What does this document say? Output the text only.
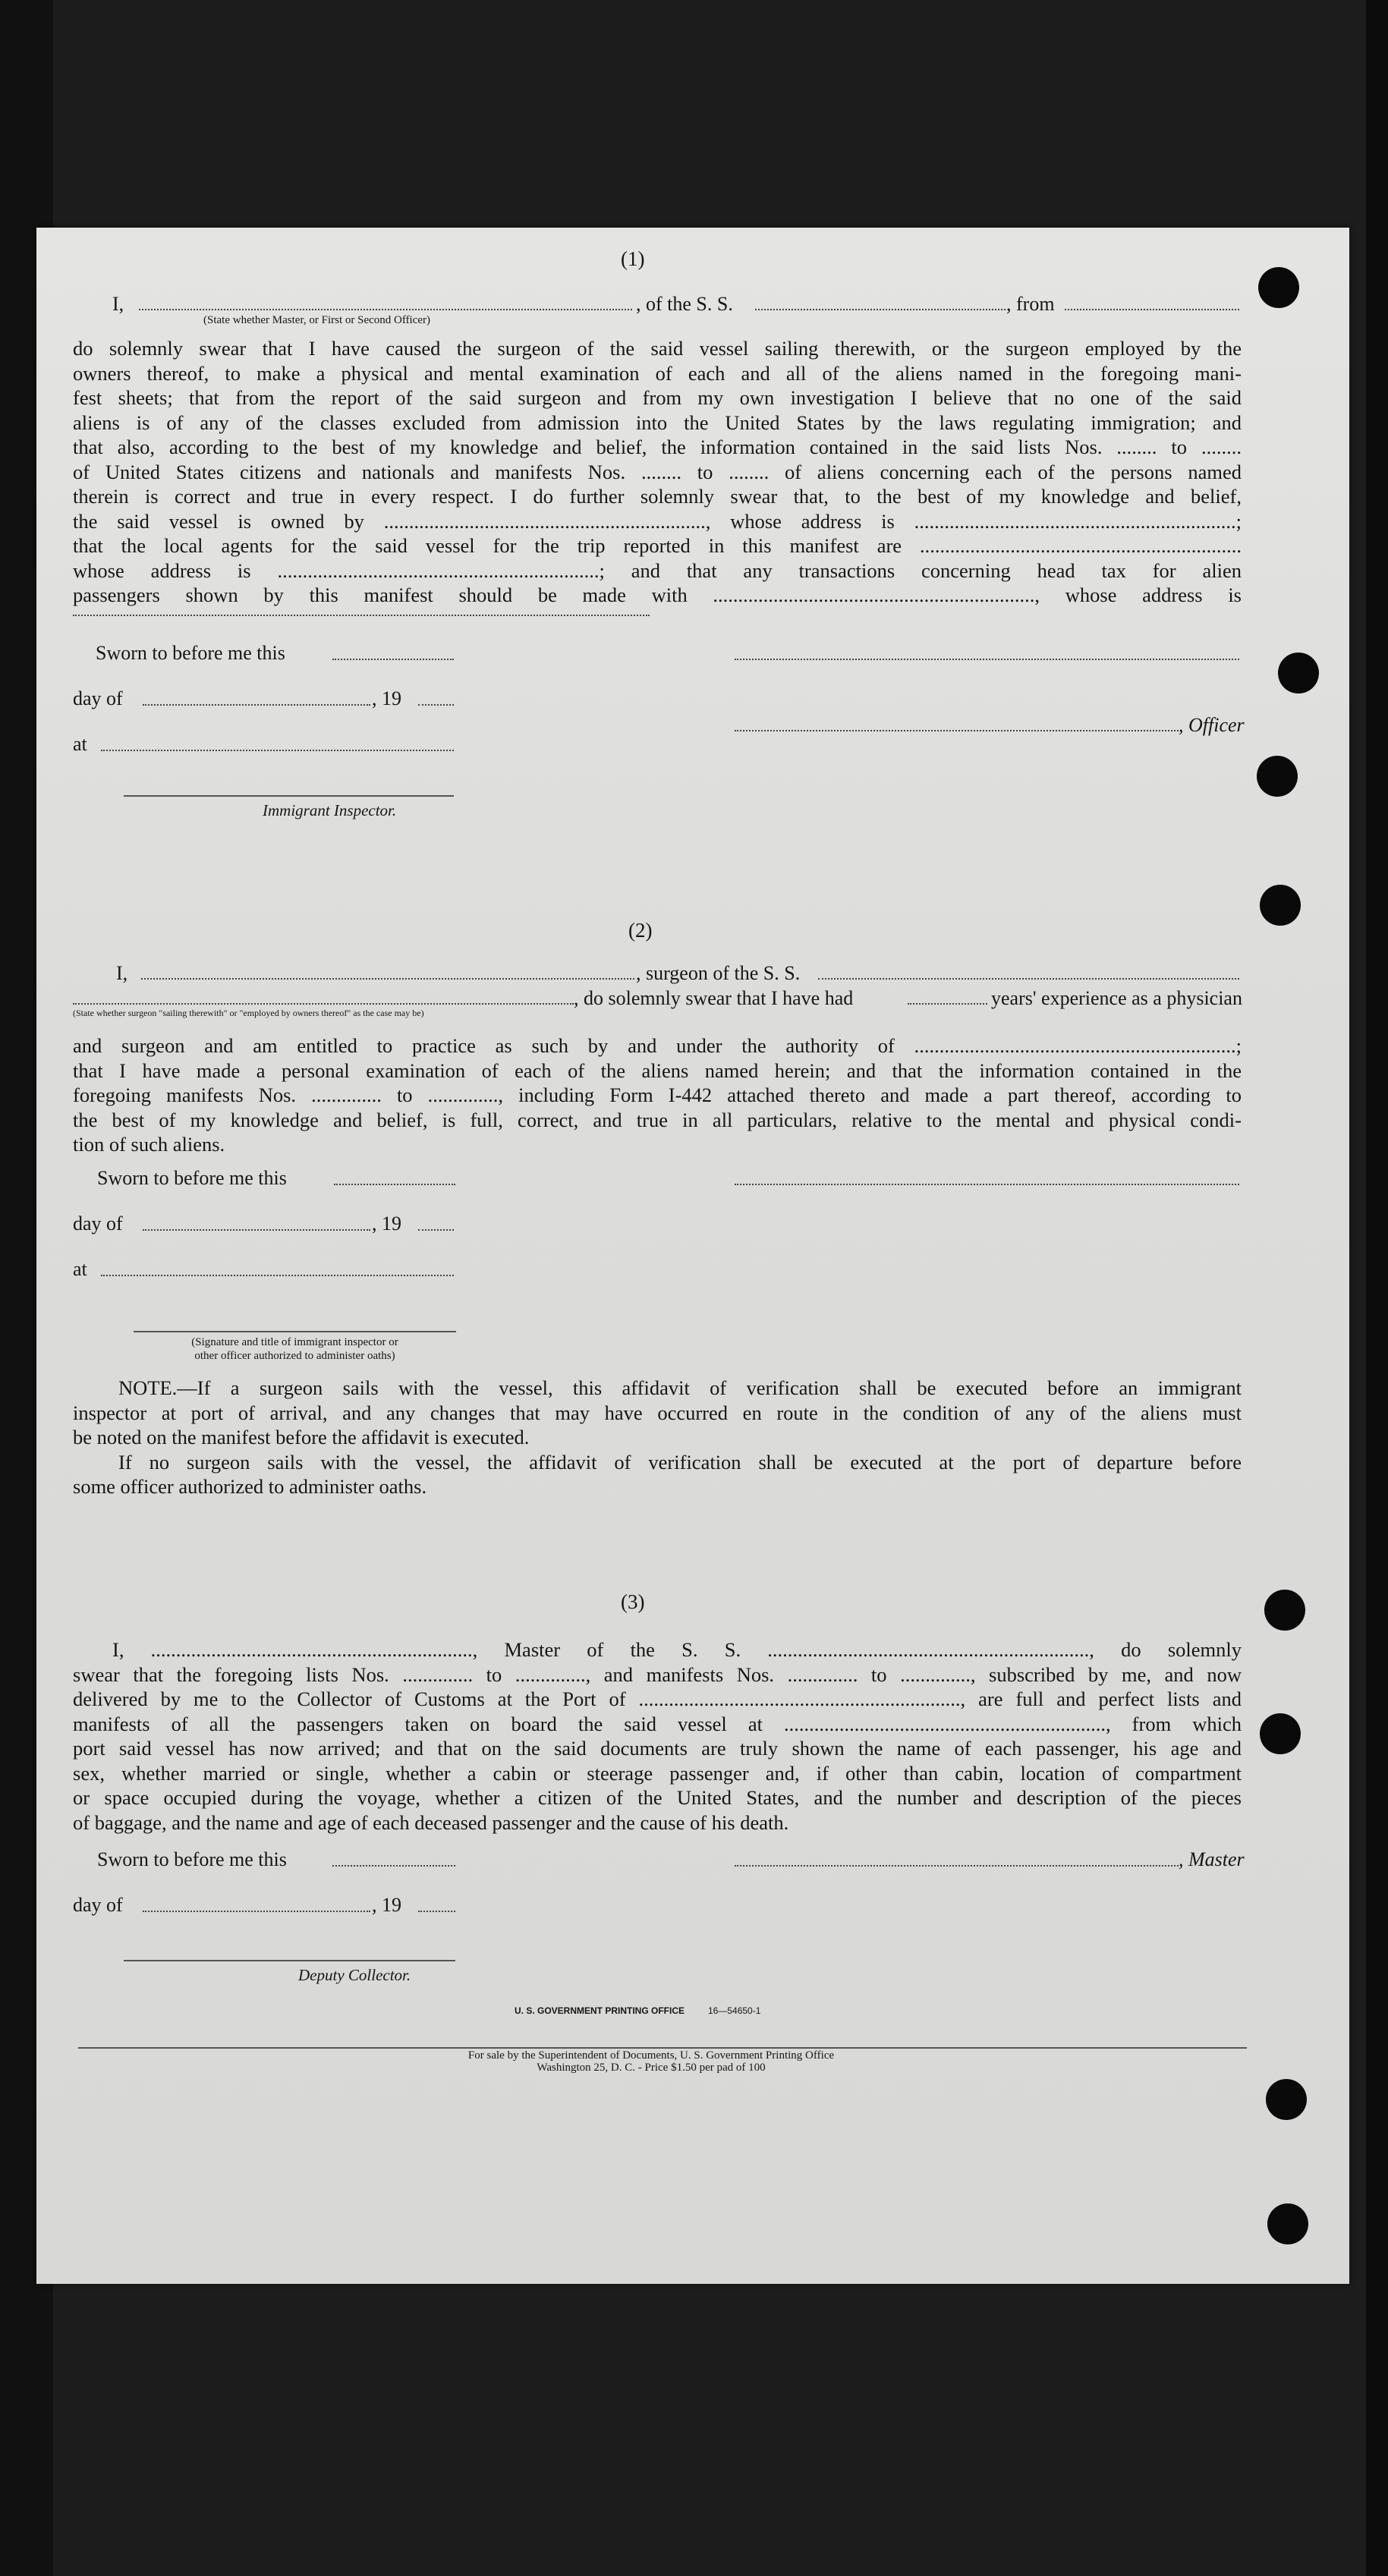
(1)
I,
(State whether Master, or First or Second Officer)
, of the S. S.	, from
do solemnly swear that I have caused the surgeon of the said vessel sailing therewith, or the surgeon employed by the
owners thereof, to make a physical and mental examination of each and all of the aliens named in the foregoing mani-
fest sheets; that from the report of the said surgeon and from my own investigation I believe that no one of the said
aliens is of any of the classes excluded from admission into the United States by the laws regulating immigration; and
that also, according to the best of my knowledge and belief, the information contained in the said lists Nos. ........ to ........
of United States citizens and nationals and manifests Nos. ........ to ........ of aliens concerning each of the persons named
therein is correct and true in every respect. I do further solemnly swear that, to the best of my knowledge and belief,
the said vessel is owned by ................................................................, whose address is ................................................................;
that the local agents for the said vessel for the trip reported in this manifest are ................................................................
whose address is ................................................................; and that any transactions concerning head tax for alien
passengers shown by this manifest should be made with ................................................................, whose address is
Sworn to before me this
day of	, 19
, Officer
at
Immigrant Inspector.
(2)
I,	, surgeon of the S. S.
, do solemnly swear that I have had	years' experience as a physician
(State whether surgeon "sailing therewith" or "employed by owners thereof" as the case may be)
and surgeon and am entitled to practice as such by and under the authority of ................................................................;
that I have made a personal examination of each of the aliens named herein; and that the information contained in the
foregoing manifests Nos. .............. to .............., including Form I-442 attached thereto and made a part thereof, according to
the best of my knowledge and belief, is full, correct, and true in all particulars, relative to the mental and physical condi-
tion of such aliens.
Sworn to before me this
day of	, 19
at
(Signature and title of immigrant inspector or
other officer authorized to administer oaths)
NOTE.—If a surgeon sails with the vessel, this affidavit of verification shall be executed before an immigrant
inspector at port of arrival, and any changes that may have occurred en route in the condition of any of the aliens must
be noted on the manifest before the affidavit is executed.
If no surgeon sails with the vessel, the affidavit of verification shall be executed at the port of departure before
some officer authorized to administer oaths.
(3)
I, ................................................................, Master of the S. S. ................................................................, do solemnly
swear that the foregoing lists Nos. .............. to .............., and manifests Nos. .............. to .............., subscribed by me, and now
delivered by me to the Collector of Customs at the Port of ................................................................, are full and perfect lists and
manifests of all the passengers taken on board the said vessel at ................................................................, from which
port said vessel has now arrived; and that on the said documents are truly shown the name of each passenger, his age and
sex, whether married or single, whether a cabin or steerage passenger and, if other than cabin, location of compartment
or space occupied during the voyage, whether a citizen of the United States, and the number and description of the pieces
of baggage, and the name and age of each deceased passenger and the cause of his death.
Sworn to before me this	, Master
day of	, 19
Deputy Collector.
U. S. GOVERNMENT PRINTING OFFICE	16—54650-1
For sale by the Superintendent of Documents, U. S. Government Printing Office
Washington 25, D. C. - Price $1.50 per pad of 100
